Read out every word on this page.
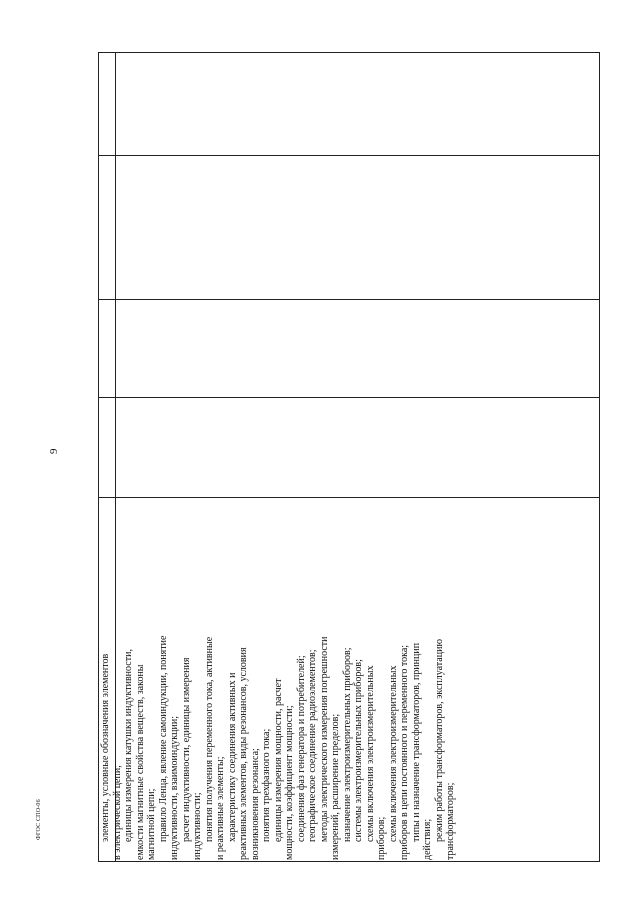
9
элементы, условные обозначения элементов в электрической цепи; единицы измерения катушки индуктивности, емкости магнитные свойства веществ, законы магнитной цепи; правило Ленца, явление самоиндукции, понятие индуктивности, взаимоиндукции; расчет индуктивности, единицы измерения индуктивности; понятия получения переменного тока, активные и реактивные элементы; характеристику соединения активных и реактивных элементов, виды резонансов, условия возникновения резонанса; понятия трехфазного тока; единицы измерения мощности, расчет мощности, коэффициент мощности; соединения фаз генератора и потребителей; географическое соединение радиоэлементов; методы электрического измерения погрешности измерений, расширение пределов; назначение электроизмерительных приборов; системы электроизмерительных приборов; схемы включения электроизмерительных приборов; схемы включения электроизмерительных приборов в цепи постоянного и переменного тока; типы и назначение трансформаторов, принцип действия; режим работы трансформаторов, эксплуатацию трансформаторов;
ФГОС СПО-06
